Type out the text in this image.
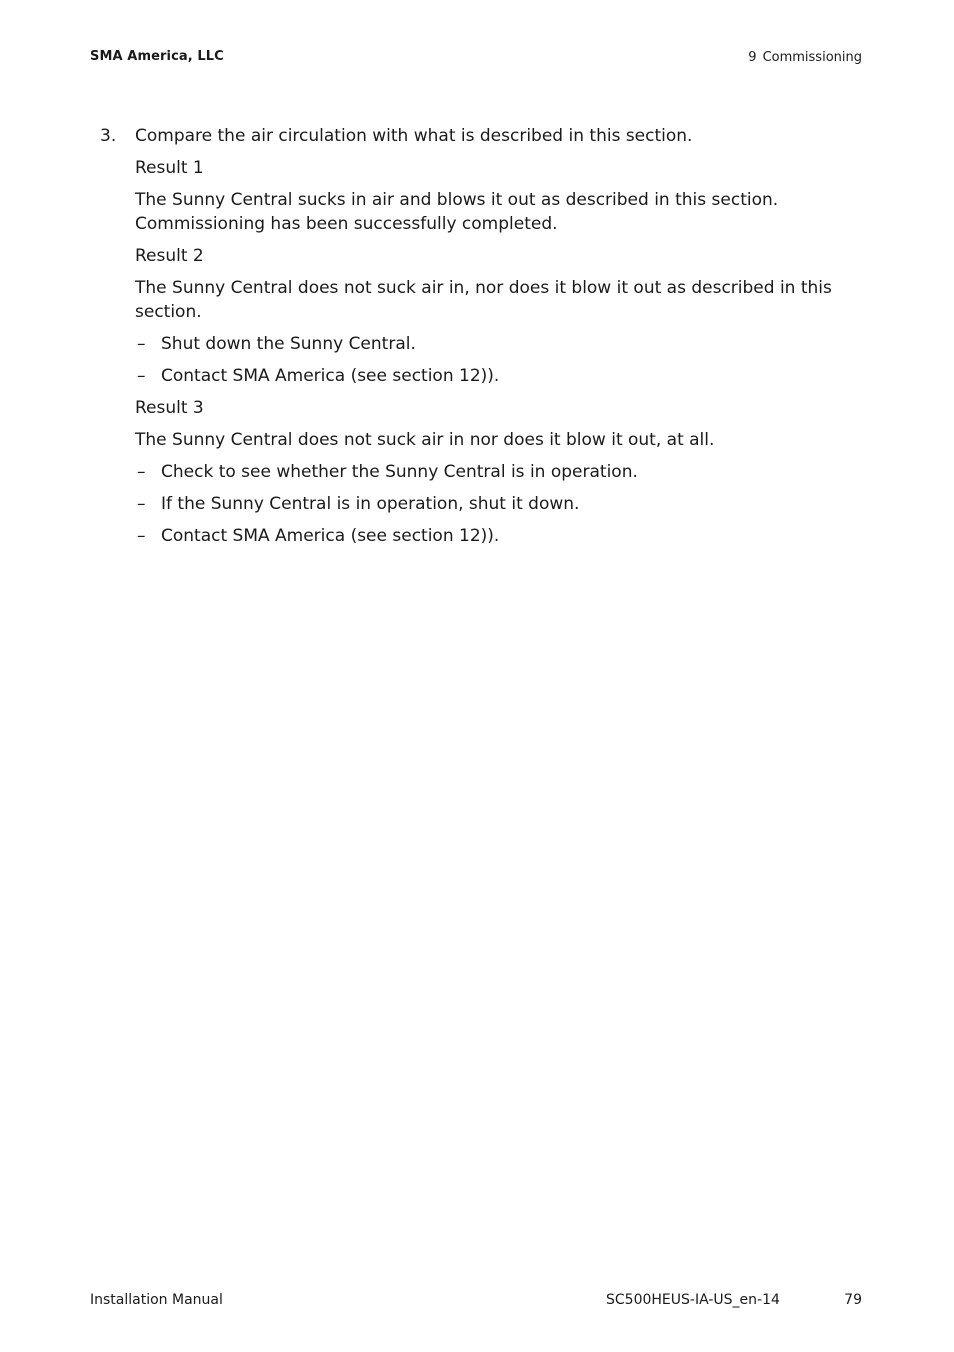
SMA America, LLC	9 Commissioning
3. Compare the air circulation with what is described in this section.

Result 1

The Sunny Central sucks in air and blows it out as described in this section. Commissioning has been successfully completed.

Result 2

The Sunny Central does not suck air in, nor does it blow it out as described in this section.

– Shut down the Sunny Central.
– Contact SMA America (see section 12)).

Result 3

The Sunny Central does not suck air in nor does it blow it out, at all.

– Check to see whether the Sunny Central is in operation.
– If the Sunny Central is in operation, shut it down.
– Contact SMA America (see section 12)).
Installation Manual	SC500HEUS-IA-US_en-14	79
